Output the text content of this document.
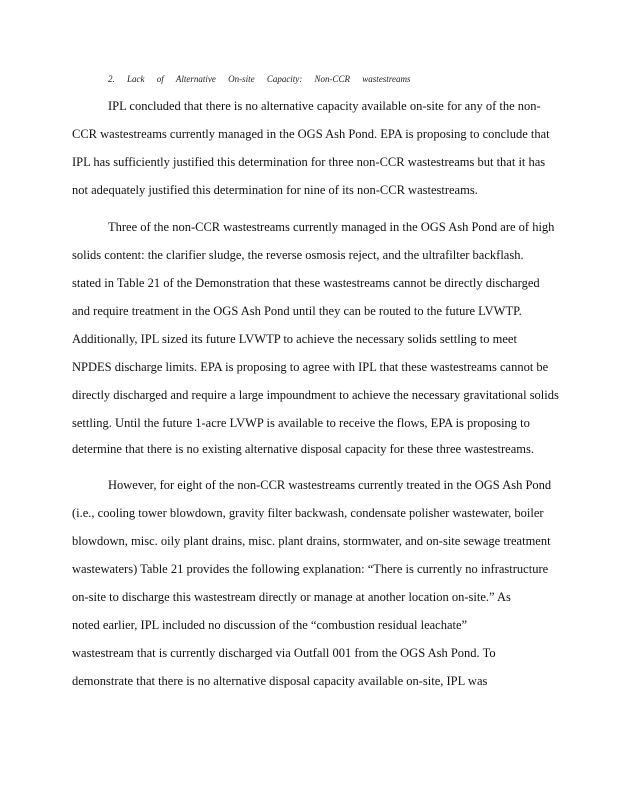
2. Lack of Alternative On-site Capacity: Non-CCR wastestreams
IPL concluded that there is no alternative capacity available on-site for any of the non-
CCR wastestreams currently managed in the OGS Ash Pond. EPA is proposing to conclude that
IPL has sufficiently justified this determination for three non-CCR wastestreams but that it has
not adequately justified this determination for nine of its non-CCR wastestreams.
Three of the non-CCR wastestreams currently managed in the OGS Ash Pond are of high
solids content: the clarifier sludge, the reverse osmosis reject, and the ultrafilter backflash.
stated in Table 21 of the Demonstration that these wastestreams cannot be directly discharged
and require treatment in the OGS Ash Pond until they can be routed to the future LVWTP.
Additionally, IPL sized its future LVWTP to achieve the necessary solids settling to meet
NPDES discharge limits. EPA is proposing to agree with IPL that these wastestreams cannot be
directly discharged and require a large impoundment to achieve the necessary gravitational solids
settling. Until the future 1-acre LVWP is available to receive the flows, EPA is proposing to
determine that there is no existing alternative disposal capacity for these three wastestreams.
However, for eight of the non-CCR wastestreams currently treated in the OGS Ash Pond
(i.e., cooling tower blowdown, gravity filter backwash, condensate polisher wastewater, boiler
blowdown, misc. oily plant drains, misc. plant drains, stormwater, and on-site sewage treatment
wastewaters) Table 21 provides the following explanation: “There is currently no infrastructure
on-site to discharge this wastestream directly or manage at another location on-site.” As
noted earlier, IPL included no discussion of the “combustion residual leachate”
wastestream that is currently discharged via Outfall 001 from the OGS Ash Pond. To
demonstrate that there is no alternative disposal capacity available on-site, IPL was
